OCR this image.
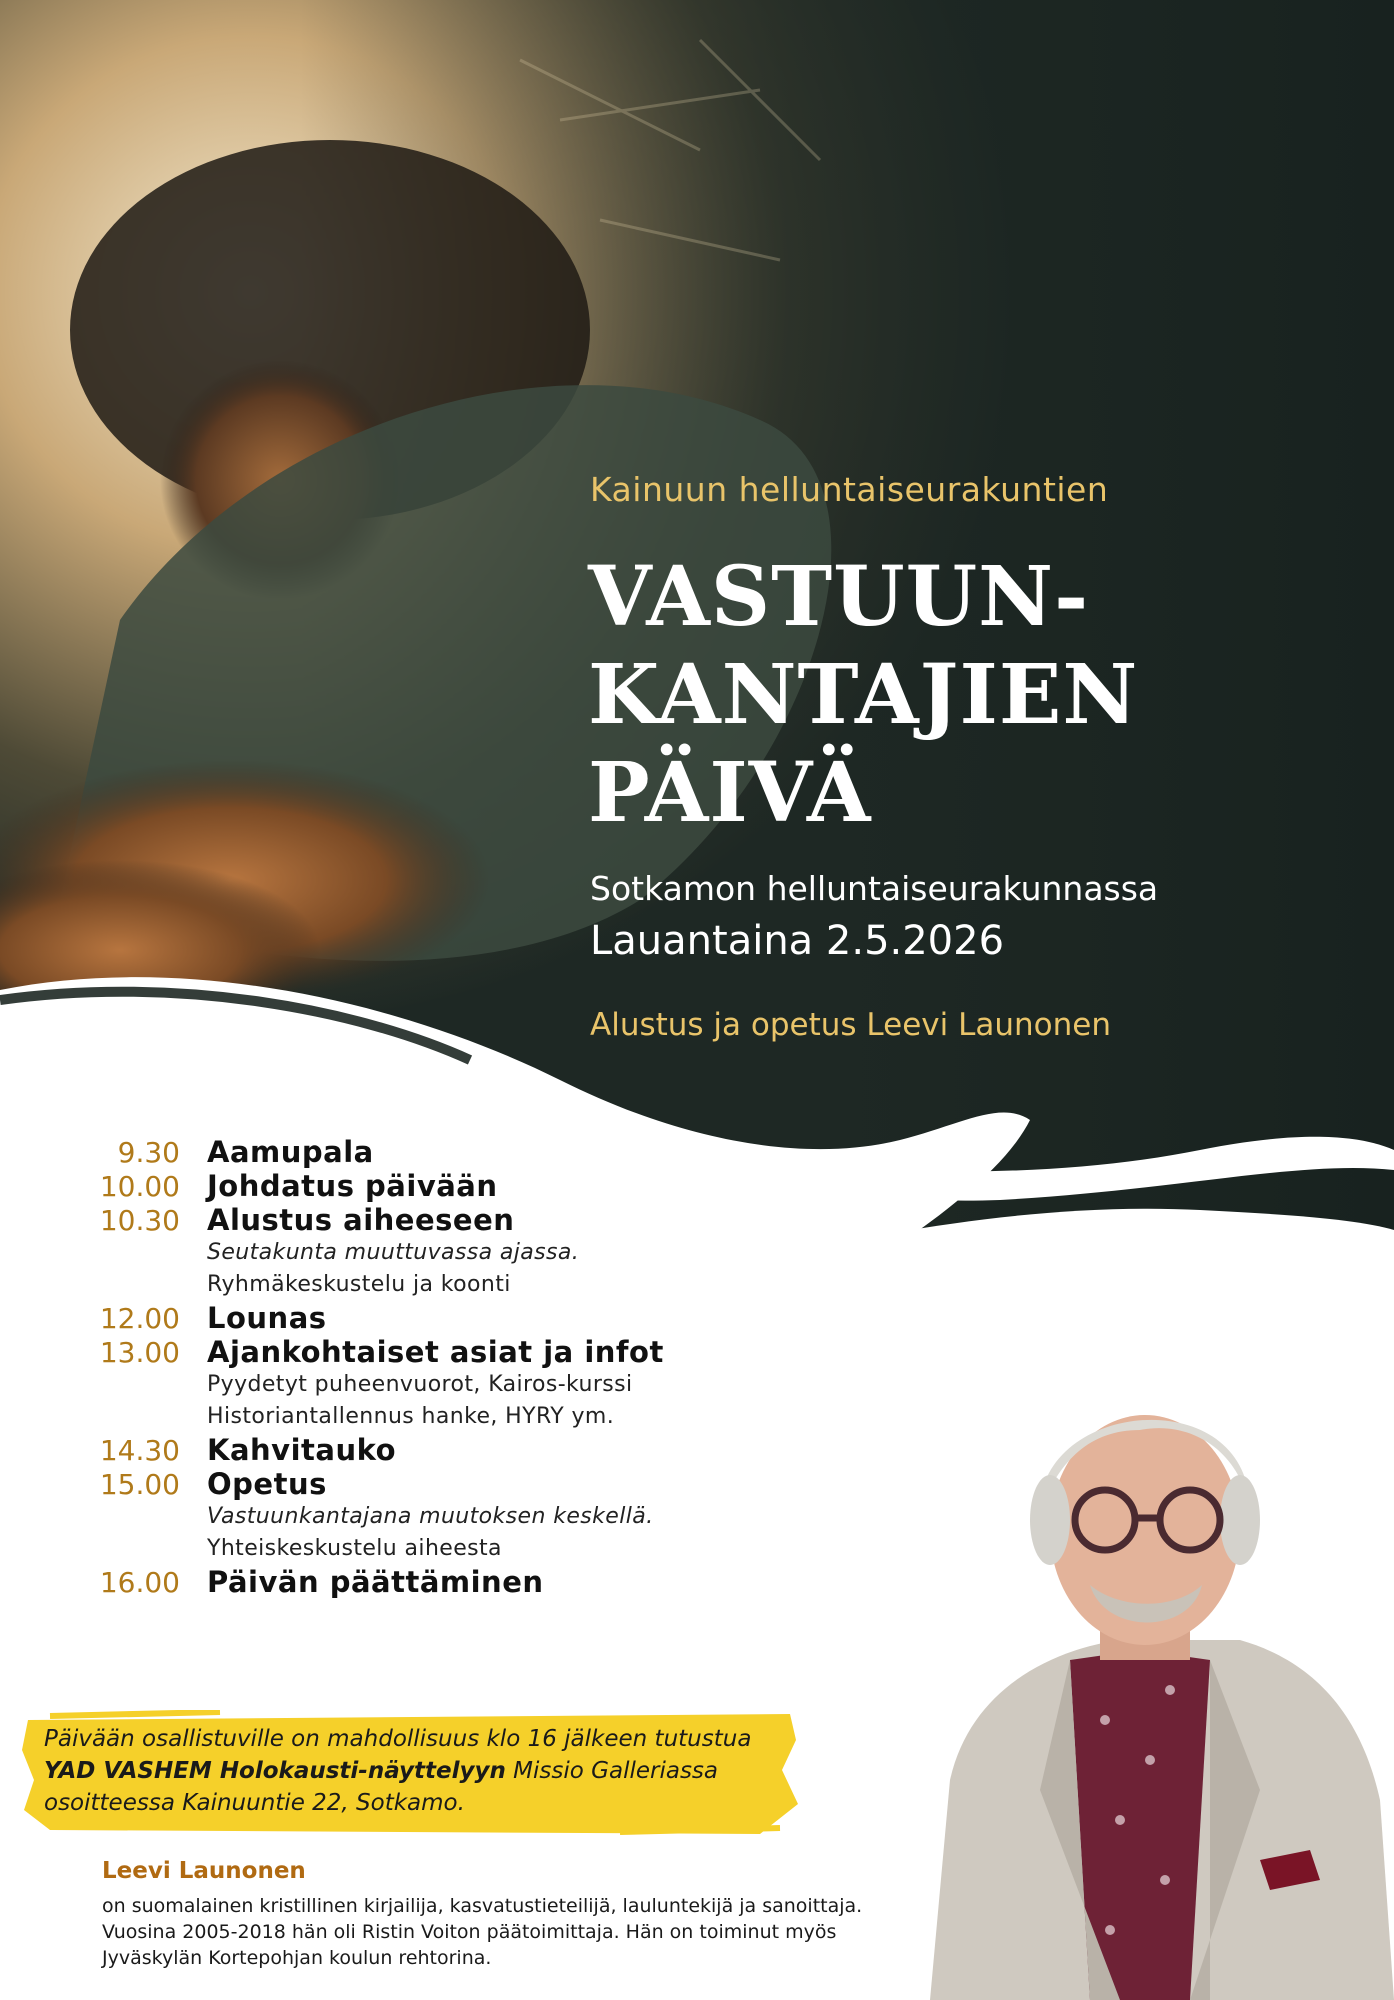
Kainuun helluntaiseurakuntien
VASTUUN-
KANTAJIEN
PÄIVÄ
Sotkamon helluntaiseurakunnassa
Lauantaina 2.5.2026
Alustus ja opetus Leevi Launonen
9.30 Aamupala
10.00 Johdatus päivään
10.30 Alustus aiheeseen
Seutakunta muuttuvassa ajassa.
Ryhmäkeskustelu ja koonti
12.00 Lounas
13.00 Ajankohtaiset asiat ja infot
Pyydetyt puheenvuorot, Kairos-kurssi
Historiantallennus hanke, HYRY ym.
14.30 Kahvitauko
15.00 Opetus
Vastuunkantajana muutoksen keskellä.
Yhteiskeskustelu aiheesta
16.00 Päivän päättäminen
Päivään osallistuville on mahdollisuus klo 16 jälkeen tutustua YAD VASHEM Holokausti-näyttelyyn Missio Galleriassa osoitteessa Kainuuntie 22, Sotkamo.
Leevi Launonen
on suomalainen kristillinen kirjailija, kasvatustieteilijä, lauluntekijä ja sanoittaja. Vuosina 2005-2018 hän oli Ristin Voiton päätoimittaja. Hän on toiminut myös Jyväskylän Kortepohjan koulun rehtorina.
